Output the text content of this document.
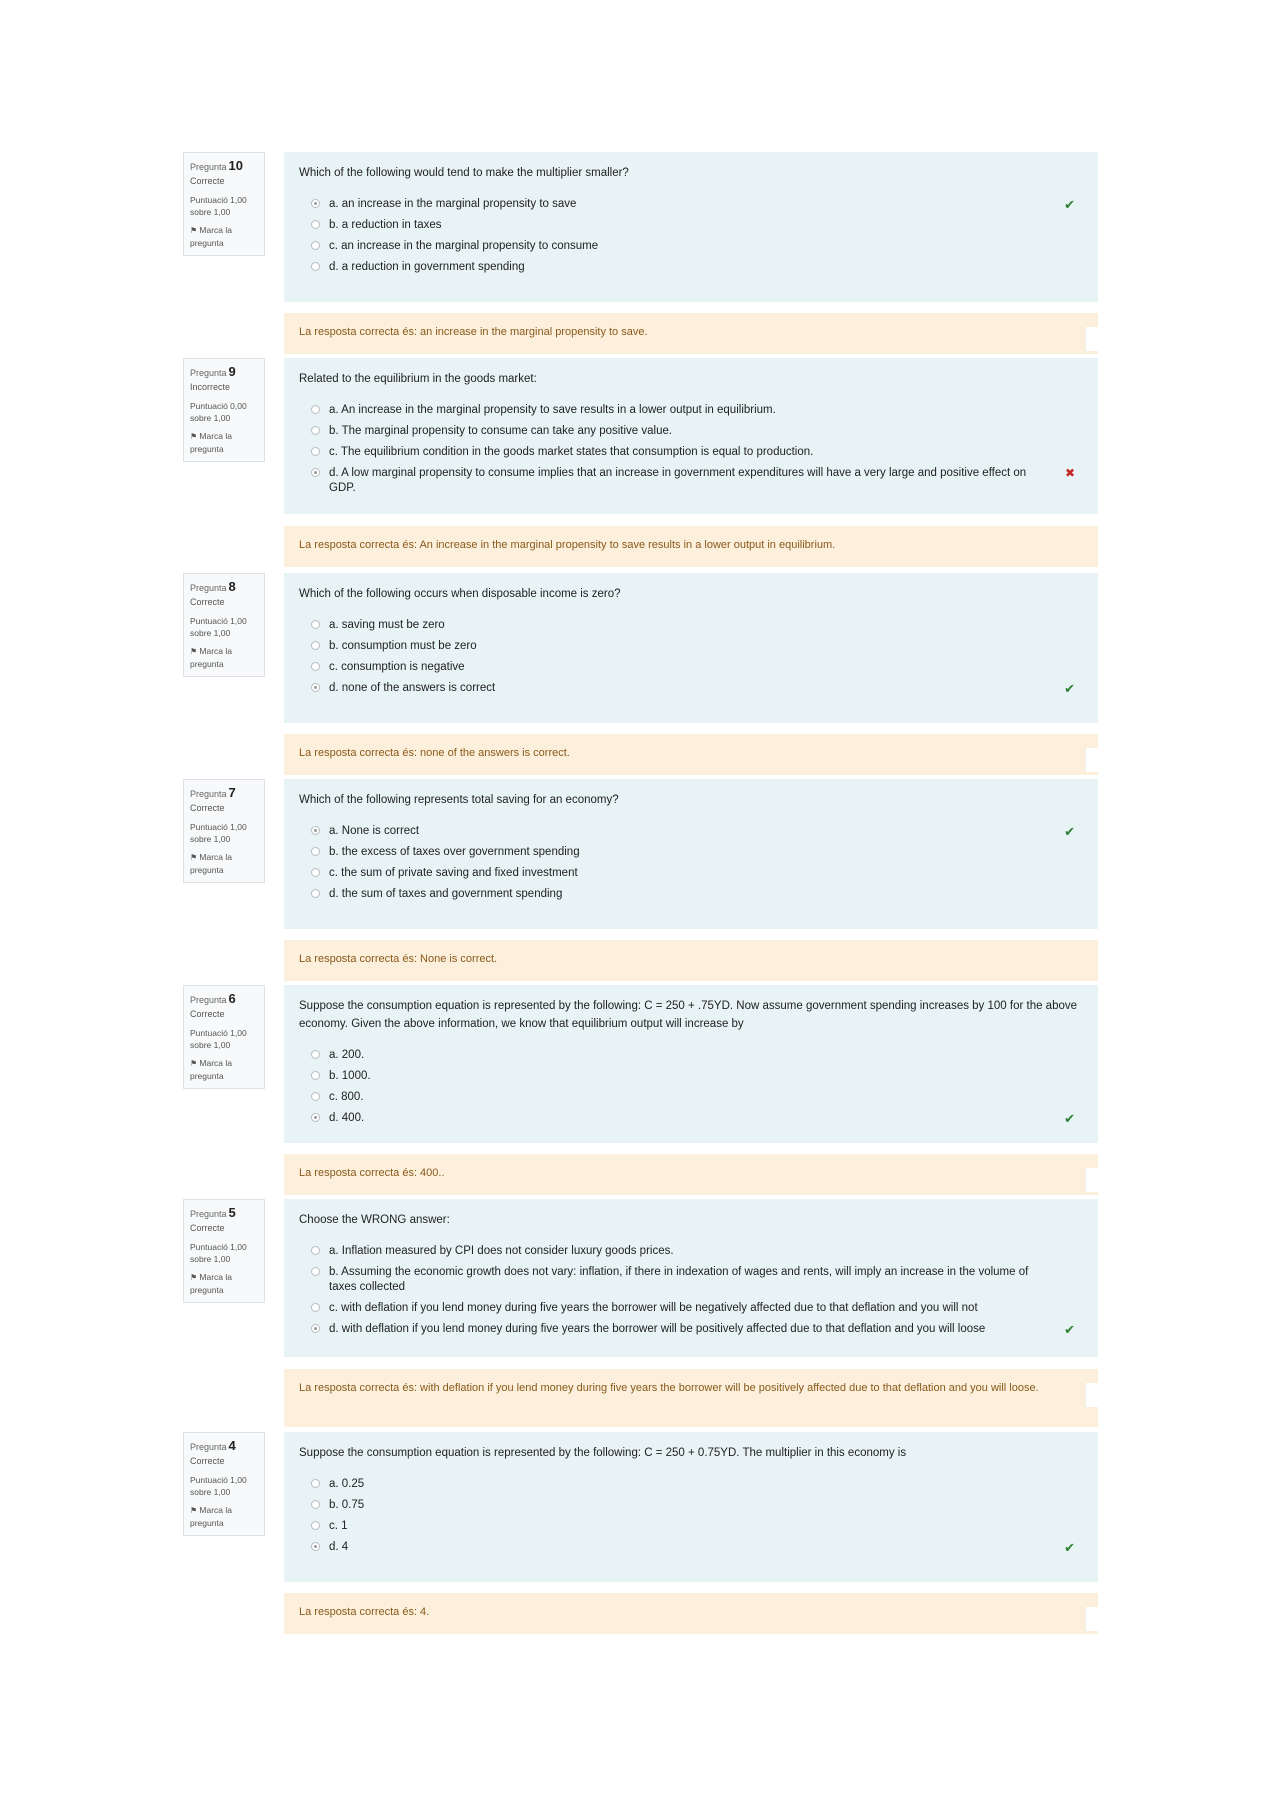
Pregunta 10
Correcte
Puntuació 1,00 sobre 1,00
⚑ Marca la pregunta
Which of the following would tend to make the multiplier smaller?
a. an increase in the marginal propensity to save	✔
b. a reduction in taxes
c. an increase in the marginal propensity to consume
d. a reduction in government spending
La resposta correcta és: an increase in the marginal propensity to save.
Pregunta 9
Incorrecte
Puntuació 0,00 sobre 1,00
⚑ Marca la pregunta
Related to the equilibrium in the goods market:
a. An increase in the marginal propensity to save results in a lower output in equilibrium.
b. The marginal propensity to consume can take any positive value.
c. The equilibrium condition in the goods market states that consumption is equal to production.
d. A low marginal propensity to consume implies that an increase in government expenditures will have a very large and positive effect on GDP.
✖
La resposta correcta és: An increase in the marginal propensity to save results in a lower output in equilibrium.
Pregunta 8
Correcte
Puntuació 1,00 sobre 1,00
⚑ Marca la pregunta
Which of the following occurs when disposable income is zero?
a. saving must be zero
b. consumption must be zero
c. consumption is negative
d. none of the answers is correct	✔
La resposta correcta és: none of the answers is correct.
Pregunta 7
Correcte
Puntuació 1,00 sobre 1,00
⚑ Marca la pregunta
Which of the following represents total saving for an economy?
a. None is correct	✔
b. the excess of taxes over government spending
c. the sum of private saving and fixed investment
d. the sum of taxes and government spending
La resposta correcta és: None is correct.
Pregunta 6
Correcte
Puntuació 1,00 sobre 1,00
⚑ Marca la pregunta
Suppose the consumption equation is represented by the following: C = 250 + .75YD. Now assume government spending increases by 100 for the above economy. Given the above information, we know that equilibrium output will increase by
a. 200.
b. 1000.
c. 800.
d. 400.	✔
La resposta correcta és: 400..
Pregunta 5
Correcte
Puntuació 1,00 sobre 1,00
⚑ Marca la pregunta
Choose the WRONG answer:
a. Inflation measured by CPI does not consider luxury goods prices.
b. Assuming the economic growth does not vary: inflation, if there in indexation of wages and rents, will imply an increase in the volume of taxes collected
c. with deflation if you lend money during five years the borrower will be negatively affected due to that deflation and you will not
d. with deflation if you lend money during five years the borrower will be positively affected due to that deflation and you will loose	✔
La resposta correcta és: with deflation if you lend money during five years the borrower will be positively affected due to that deflation and you will loose.
Pregunta 4
Correcte
Puntuació 1,00 sobre 1,00
⚑ Marca la pregunta
Suppose the consumption equation is represented by the following: C = 250 + 0.75YD. The multiplier in this economy is
a. 0.25
b. 0.75
c. 1
d. 4	✔
La resposta correcta és: 4.
